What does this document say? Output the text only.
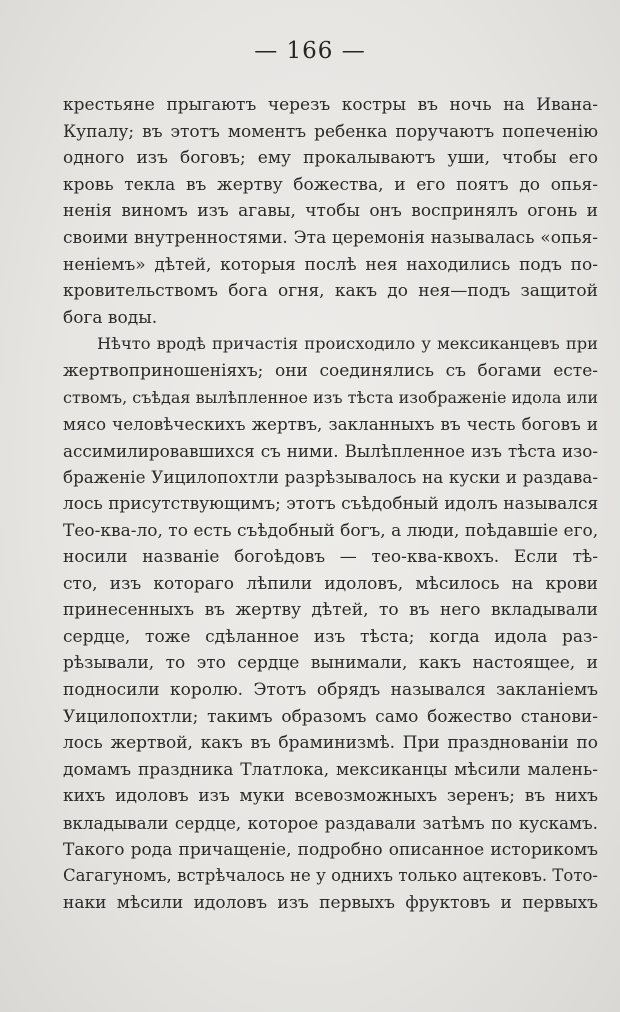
— 166 —
крестьяне прыгаютъ черезъ костры въ ночь на Ивана-
Купалу; въ этотъ моментъ ребенка поручаютъ попеченію
одного изъ боговъ; ему прокалываютъ уши, чтобы его
кровь текла въ жертву божества, и его поятъ до опья-
ненія виномъ изъ агавы, чтобы онъ воспринялъ огонь и
своими внутренностями. Эта церемонія называлась «опья-
неніемъ» дѣтей, которыя послѣ нея находились подъ по-
кровительствомъ бога огня, какъ до нея—подъ защитой
бога воды.
Нѣчто вродѣ причастія происходило у мексиканцевъ при
жертвоприношеніяхъ; они соединялись съ богами есте-
ствомъ, съѣдая вылѣпленное изъ тѣста изображеніе идола или
мясо человѣческихъ жертвъ, закланныхъ въ честь боговъ и
ассимилировавшихся съ ними. Вылѣпленное изъ тѣста изо-
браженіе Уицилопохтли разрѣзывалось на куски и раздава-
лось присутствующимъ; этотъ съѣдобный идолъ назывался
Тео-ква-ло, то есть съѣдобный богъ, а люди, поѣдавшіе его,
носили названіе богоѣдовъ — тео-ква-квохъ. Если тѣ-
сто, изъ котораго лѣпили идоловъ, мѣсилось на крови
принесенныхъ въ жертву дѣтей, то въ него вкладывали
сердце, тоже сдѣланное изъ тѣста; когда идола раз-
рѣзывали, то это сердце вынимали, какъ настоящее, и
подносили королю. Этотъ обрядъ назывался закланіемъ
Уицилопохтли; такимъ образомъ само божество станови-
лось жертвой, какъ въ браминизмѣ. При праздновaніи по
домамъ праздника Тлатлока, мексиканцы мѣсили малень-
кихъ идоловъ изъ муки всевозможныхъ зеренъ; въ нихъ
вкладывали сердце, которое раздавали затѣмъ по кускамъ.
Такого рода причащеніе, подробно описанное историкомъ
Сагагуномъ, встрѣчалось не у однихъ только ацтековъ. Тото-
наки мѣсили идоловъ изъ первыхъ фруктовъ и первыхъ
